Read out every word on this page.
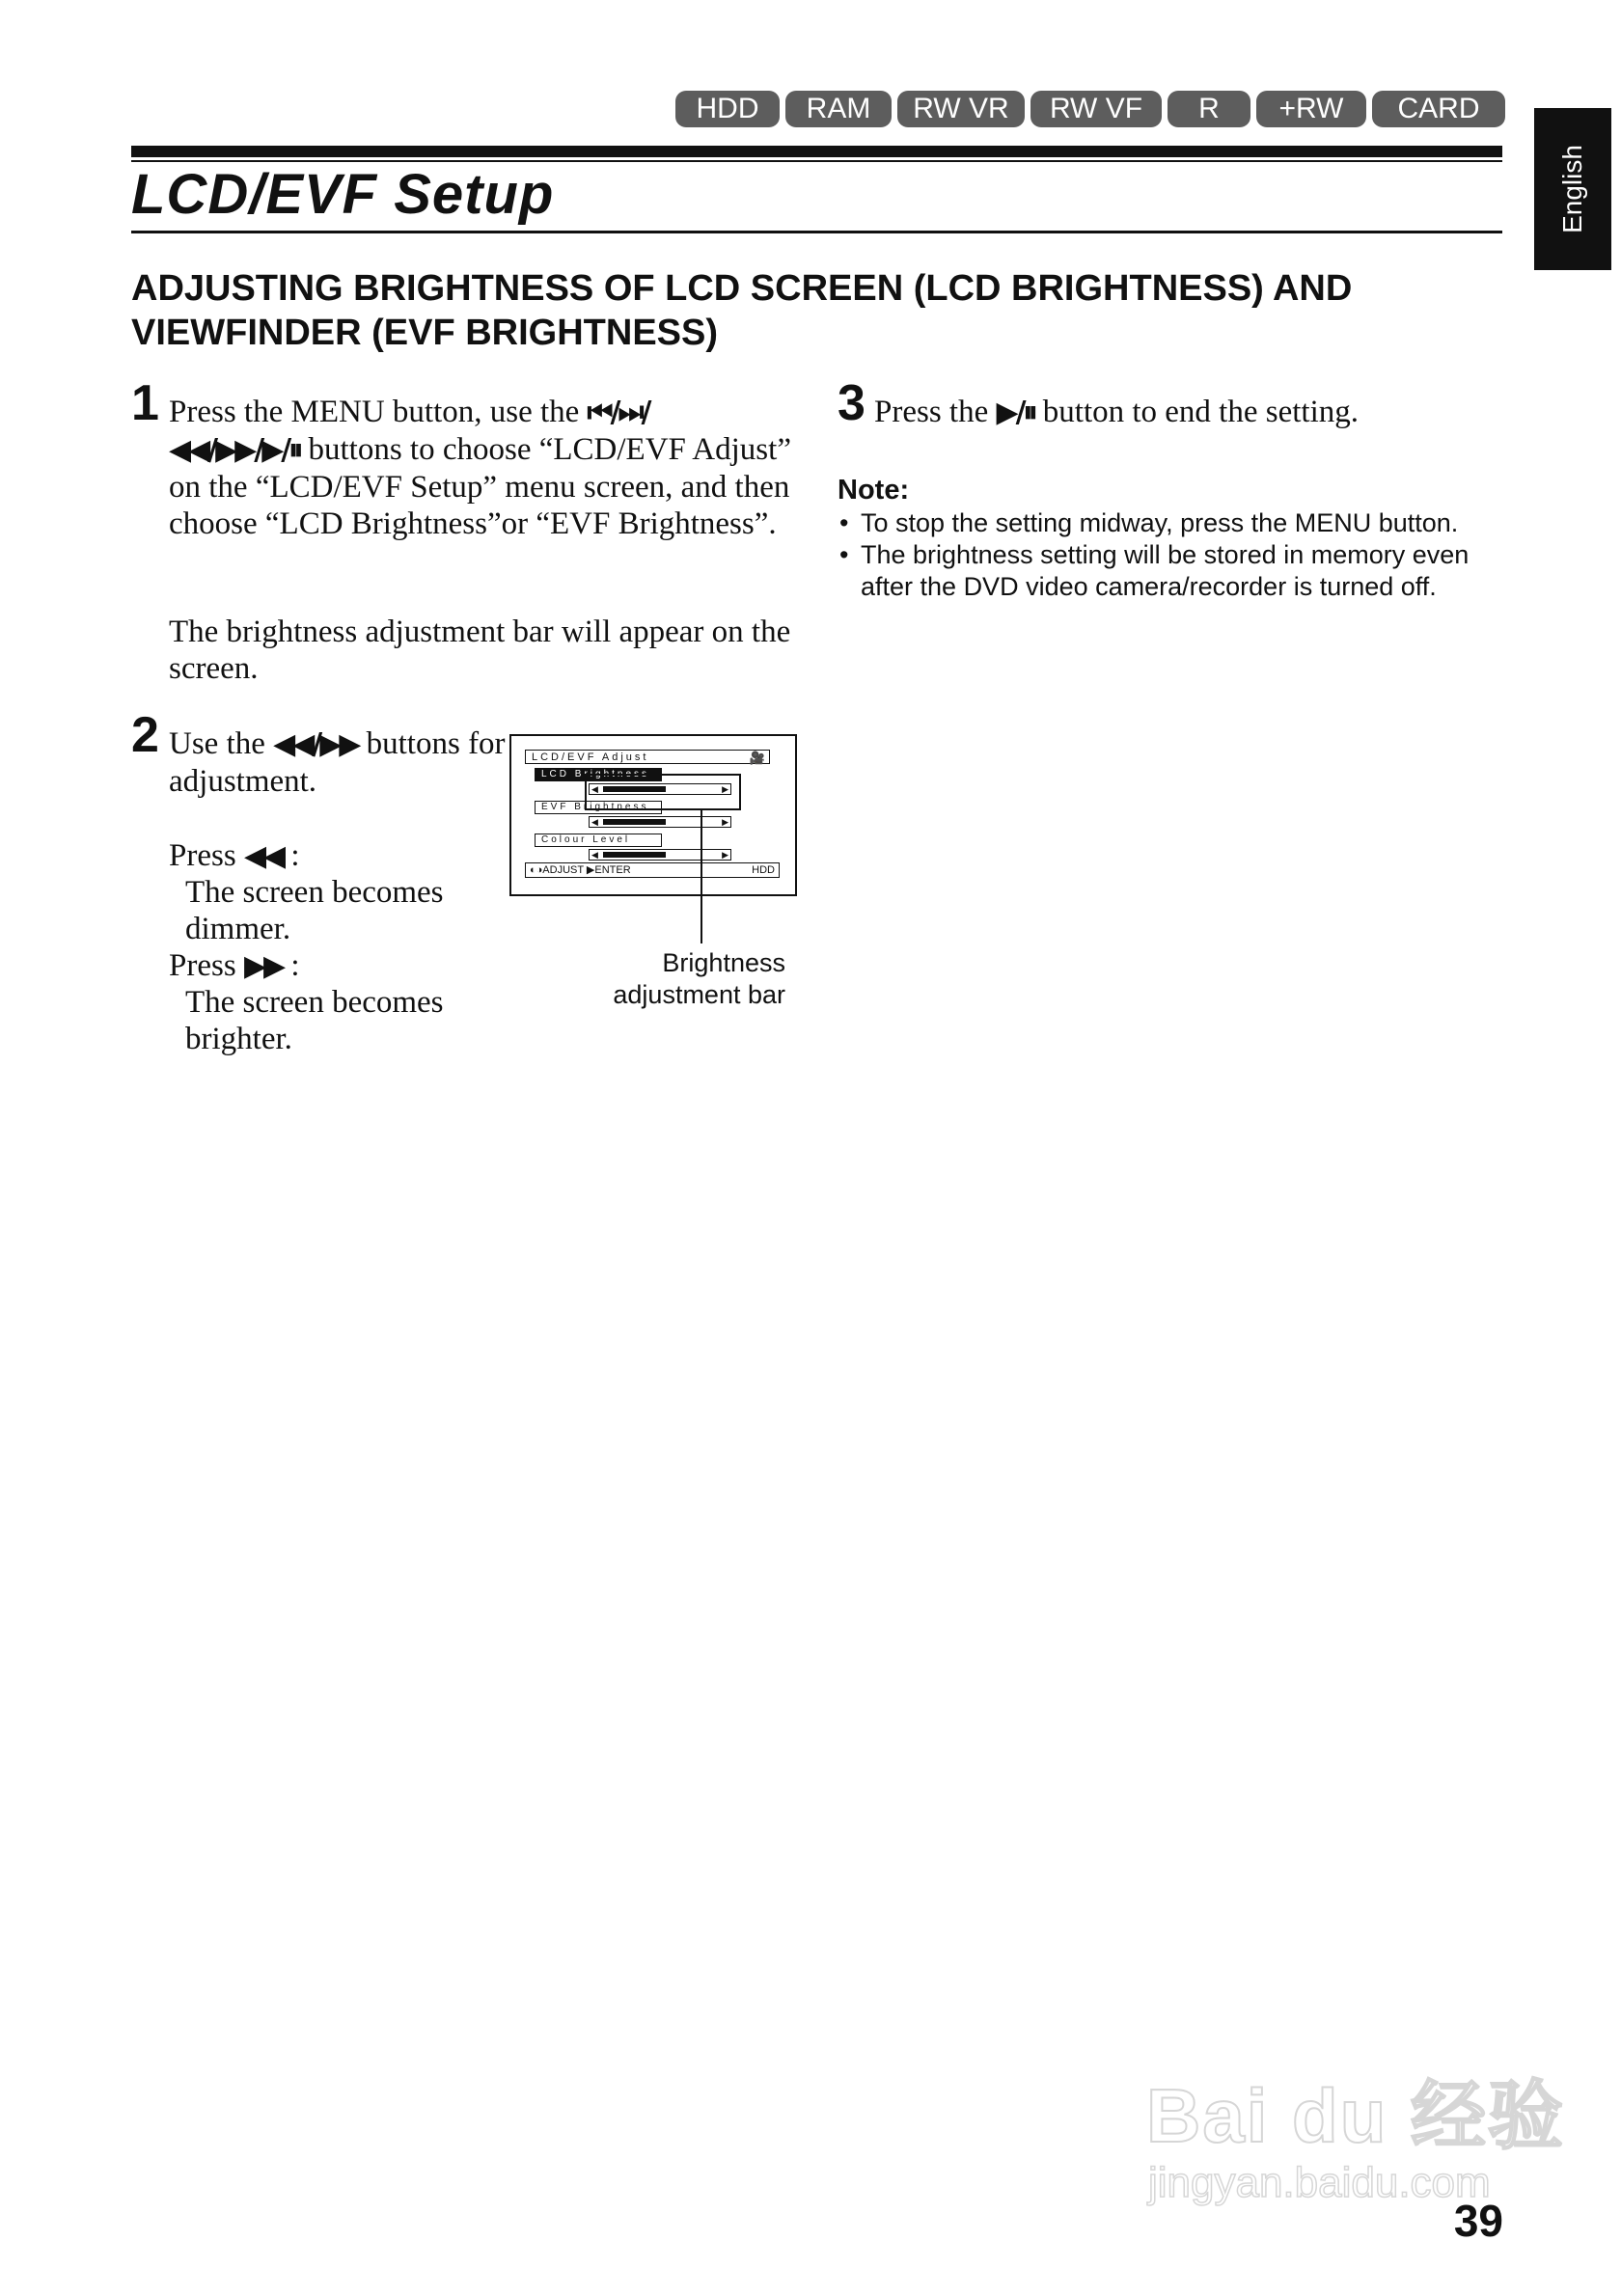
HDD	RAM	RW VR	RW VF	R	+RW	CARD
English
LCD/EVF Setup
ADJUSTING BRIGHTNESS OF LCD SCREEN (LCD BRIGHTNESS) AND VIEWFINDER (EVF BRIGHTNESS)
1 Press the MENU button, use the ⏮/⏭/
◀◀/▶▶/▶/⏸ buttons to choose “LCD/EVF Adjust” on the “LCD/EVF Setup” menu screen, and then choose “LCD Brightness”or “EVF Brightness”.
The brightness adjustment bar will appear on the screen.
2 Use the ◀◀/▶▶ buttons for adjustment.
Press ◀◀ :
The screen becomes dimmer.
Press ▶▶ :
The screen becomes brighter.
LCD/EVF Adjust	🎥
LCD Brightness
◀	▶
EVF Brightness
◀	▶
Colour Level
◀	▶
◐◑ADJUST ▶ENTER	HDD
Brightness
adjustment bar
3 Press the ▶/⏸ button to end the setting.
Note:
• To stop the setting midway, press the MENU button.
• The brightness setting will be stored in memory even after the DVD video camera/recorder is turned off.
Bai du 经验
jingyan.baidu.com
39
